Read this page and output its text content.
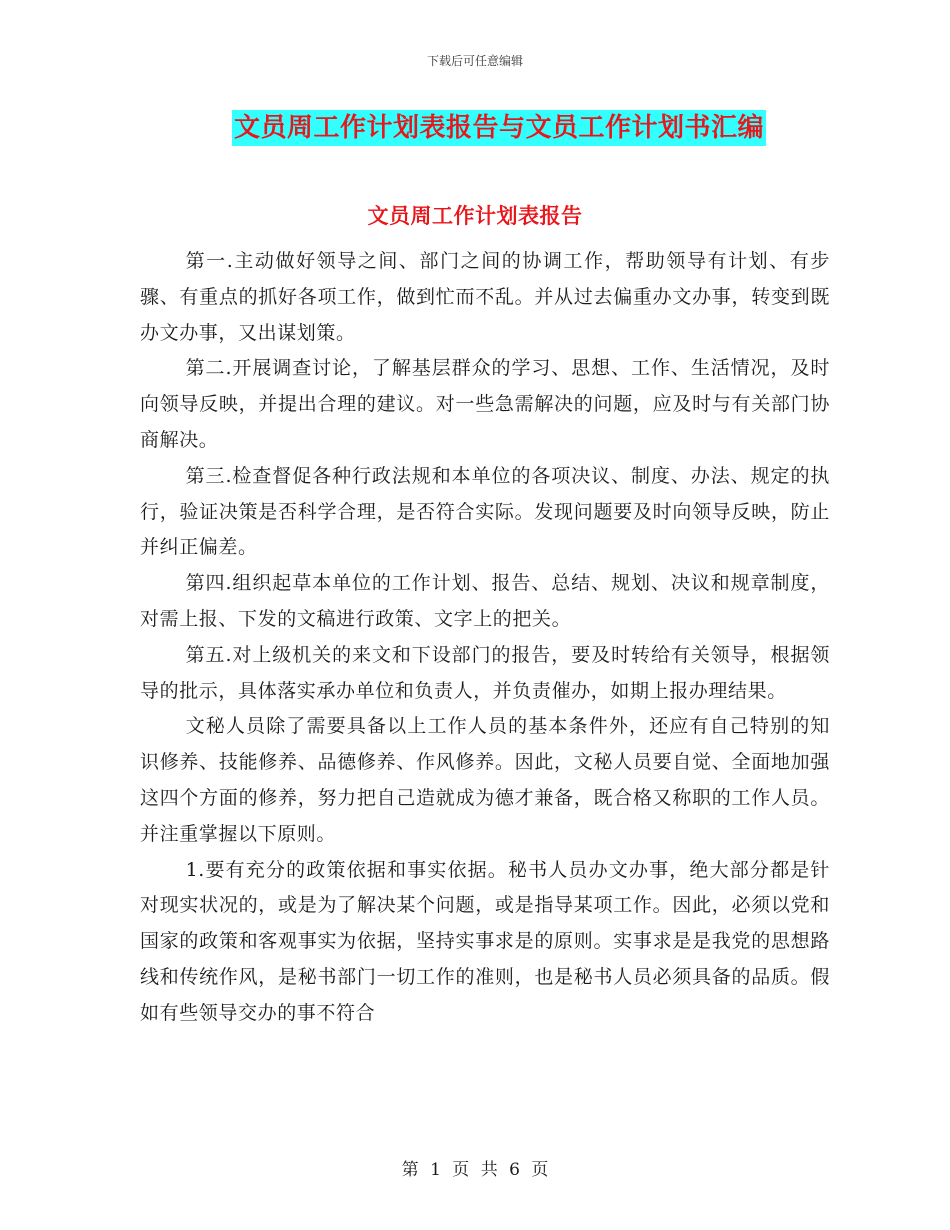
下载后可任意编辑
文员周工作计划表报告与文员工作计划书汇编
文员周工作计划表报告

第一.主动做好领导之间、部门之间的协调工作，帮助领导有计划、有步骤、有重点的抓好各项工作，做到忙而不乱。并从过去偏重办文办事，转变到既办文办事，又出谋划策。

第二.开展调查讨论，了解基层群众的学习、思想、工作、生活情况，及时向领导反映，并提出合理的建议。对一些急需解决的问题，应及时与有关部门协商解决。

第三.检查督促各种行政法规和本单位的各项决议、制度、办法、规定的执行，验证决策是否科学合理，是否符合实际。发现问题要及时向领导反映，防止并纠正偏差。

第四.组织起草本单位的工作计划、报告、总结、规划、决议和规章制度，对需上报、下发的文稿进行政策、文字上的把关。

第五.对上级机关的来文和下设部门的报告，要及时转给有关领导，根据领导的批示，具体落实承办单位和负责人，并负责催办，如期上报办理结果。

文秘人员除了需要具备以上工作人员的基本条件外，还应有自己特别的知识修养、技能修养、品德修养、作风修养。因此，文秘人员要自觉、全面地加强这四个方面的修养，努力把自己造就成为德才兼备，既合格又称职的工作人员。并注重掌握以下原则。

1.要有充分的政策依据和事实依据。秘书人员办文办事，绝大部分都是针对现实状况的，或是为了解决某个问题，或是指导某项工作。因此，必须以党和国家的政策和客观事实为依据，坚持实事求是的原则。实事求是是我党的思想路线和传统作风，是秘书部门一切工作的准则，也是秘书人员必须具备的品质。假如有些领导交办的事不符合

第 1 页 共 6 页
